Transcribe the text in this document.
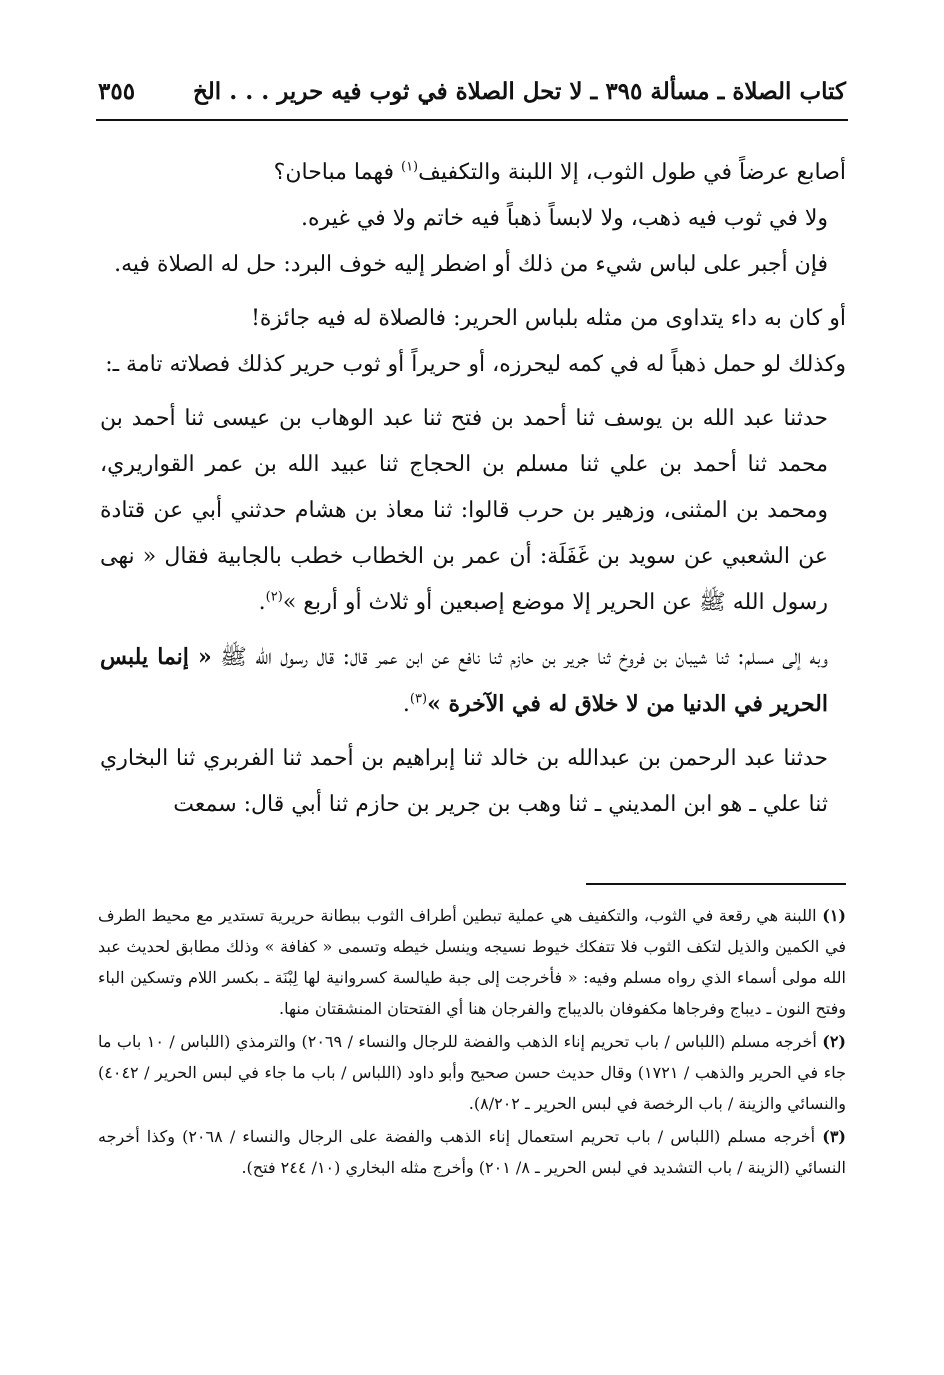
كتاب الصلاة ـ مسألة ٣٩٥ ـ لا تحل الصلاة في ثوب فيه حرير . . . الخ
٣٥٥

أصابع عرضاً في طول الثوب، إلا اللبنة والتكفيف$^{(١)}$ فهما مباحان؟

ولا في ثوب فيه ذهب، ولا لابساً ذهباً فيه خاتم ولا في غيره.

فإن أجبر على لباس شيء من ذلك أو اضطر إليه خوف البرد: حل له الصلاة فيه.

أو كان به داء يتداوى من مثله بلباس الحرير: فالصلاة له فيه جائزة!

وكذلك لو حمل ذهباً له في كمه ليحرزه، أو حريراً أو ثوب حرير كذلك فصلاته تامة ـ:

حدثنا عبد الله بن يوسف ثنا أحمد بن فتح ثنا عبد الوهاب بن عيسى ثنا أحمد بن محمد ثنا أحمد بن علي ثنا مسلم بن الحجاج ثنا عبيد الله بن عمر القواريري، ومحمد بن المثنى، وزهير بن حرب قالوا: ثنا معاذ بن هشام حدثني أبي عن قتادة عن الشعبي عن سويد بن غَفَلَة: أن عمر بن الخطاب خطب بالجابية فقال « نهى رسول الله ﷺ عن الحرير إلا موضع إصبعين أو ثلاث أو أربع »$^{(٢)}$.

وبه إلى مسلم: ثنا شيبان بن فروخ ثنا جرير بن حازم ثنا نافع عن ابن عمر قال: قال رسول الله ﷺ « إنما يلبس الحرير في الدنيا من لا خلاق له في الآخرة »$^{(٣)}$.

حدثنا عبد الرحمن بن عبدالله بن خالد ثنا إبراهيم بن أحمد ثنا الفربري ثنا البخاري ثنا علي ـ هو ابن المديني ـ ثنا وهب بن جرير بن حازم ثنا أبي قال: سمعت

(١) اللبنة هي رقعة في الثوب، والتكفيف هي عملية تبطين أطراف الثوب ببطانة حريرية تستدير مع محيط الطرف في الكمين والذيل لتكف الثوب فلا تتفكك خيوط نسيجه وينسل خيطه وتسمى « كفافة » وذلك مطابق لحديث عبد الله مولى أسماء الذي رواه مسلم وفيه: « فأخرجت إلى جبة طيالسة كسروانية لها لِبْنَة ـ بكسر اللام وتسكين الباء وفتح النون ـ ديباج وفرجاها مكفوفان بالديباج والفرجان هنا أي الفتحتان المنشقتان منها.
(٢) أخرجه مسلم (اللباس / باب تحريم إناء الذهب والفضة للرجال والنساء / ٢٠٦٩) والترمذي (اللباس / ١٠ باب ما جاء في الحرير والذهب / ١٧٢١) وقال حديث حسن صحيح وأبو داود (اللباس / باب ما جاء في لبس الحرير / ٤٠٤٢) والنسائي والزينة / باب الرخصة في لبس الحرير ـ ٨/٢٠٢).
(٣) أخرجه مسلم (اللباس / باب تحريم استعمال إناء الذهب والفضة على الرجال والنساء / ٢٠٦٨) وكذا أخرجه النسائي (الزينة / باب التشديد في لبس الحرير ـ ٨/ ٢٠١) وأخرج مثله البخاري (١٠/ ٢٤٤ فتح).
